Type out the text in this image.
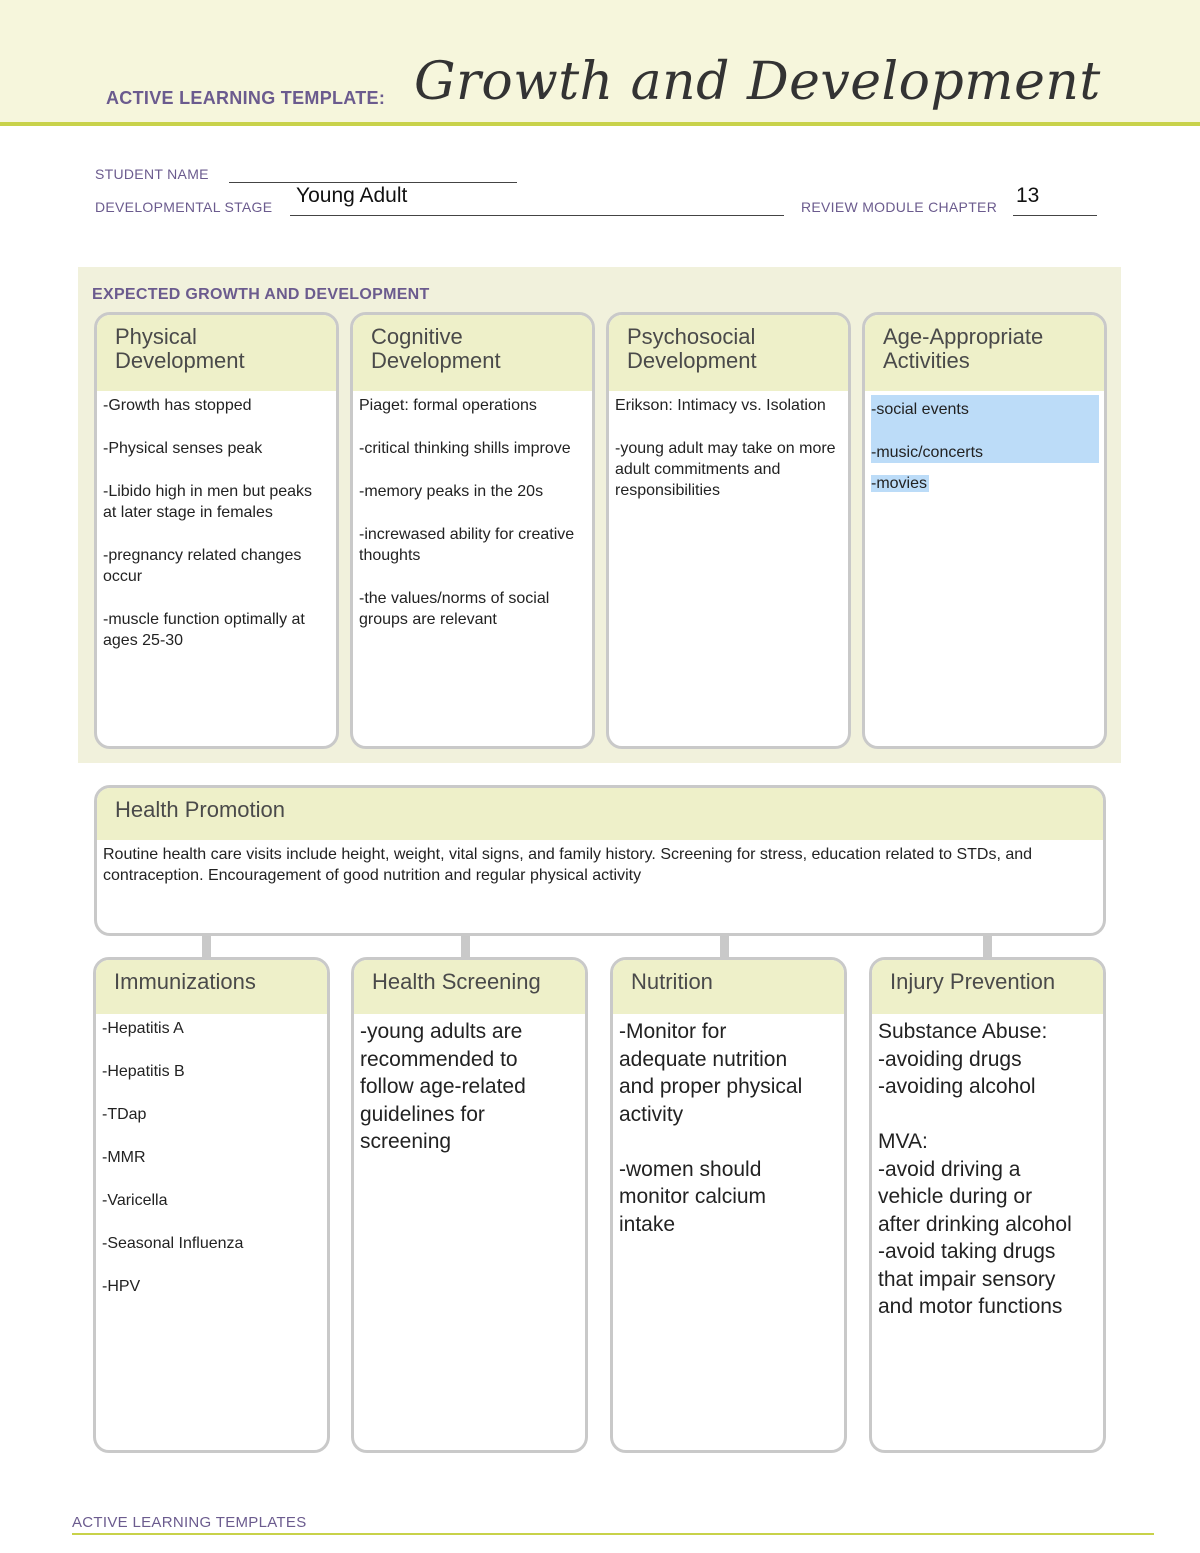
ACTIVE LEARNING TEMPLATE: Growth and Development
STUDENT NAME
DEVELOPMENTAL STAGE Young Adult	REVIEW MODULE CHAPTER 13
EXPECTED GROWTH AND DEVELOPMENT
Physical
Development
-Growth has stopped
-Physical senses peak
-Libido high in men but peaks at later stage in females
-pregnancy related changes occur
-muscle function optimally at ages 25-30
Cognitive
Development
Piaget: formal operations
-critical thinking shills improve
-memory peaks in the 20s
-increwased ability for creative thoughts
-the values/norms of social groups are relevant
Psychosocial
Development
Erikson: Intimacy vs. Isolation
-young adult may take on more adult commitments and responsibilities
Age-Appropriate
Activities
-social events
-music/concerts
-movies
Health Promotion
Routine health care visits include height, weight, vital signs, and family history. Screening for stress, education related to STDs, and contraception. Encouragement of good nutrition and regular physical activity
Immunizations
-Hepatitis A
-Hepatitis B
-TDap
-MMR
-Varicella
-Seasonal Influenza
-HPV
Health Screening
-young adults are
recommended to
follow age-related
guidelines for
screening
Nutrition
-Monitor for
adequate nutrition
and proper physical
activity

-women should
monitor calcium
intake
Injury Prevention
Substance Abuse:
-avoiding drugs
-avoiding alcohol

MVA:
-avoid driving a
vehicle during or
after drinking alcohol
-avoid taking drugs
that impair sensory
and motor functions
ACTIVE LEARNING TEMPLATES
